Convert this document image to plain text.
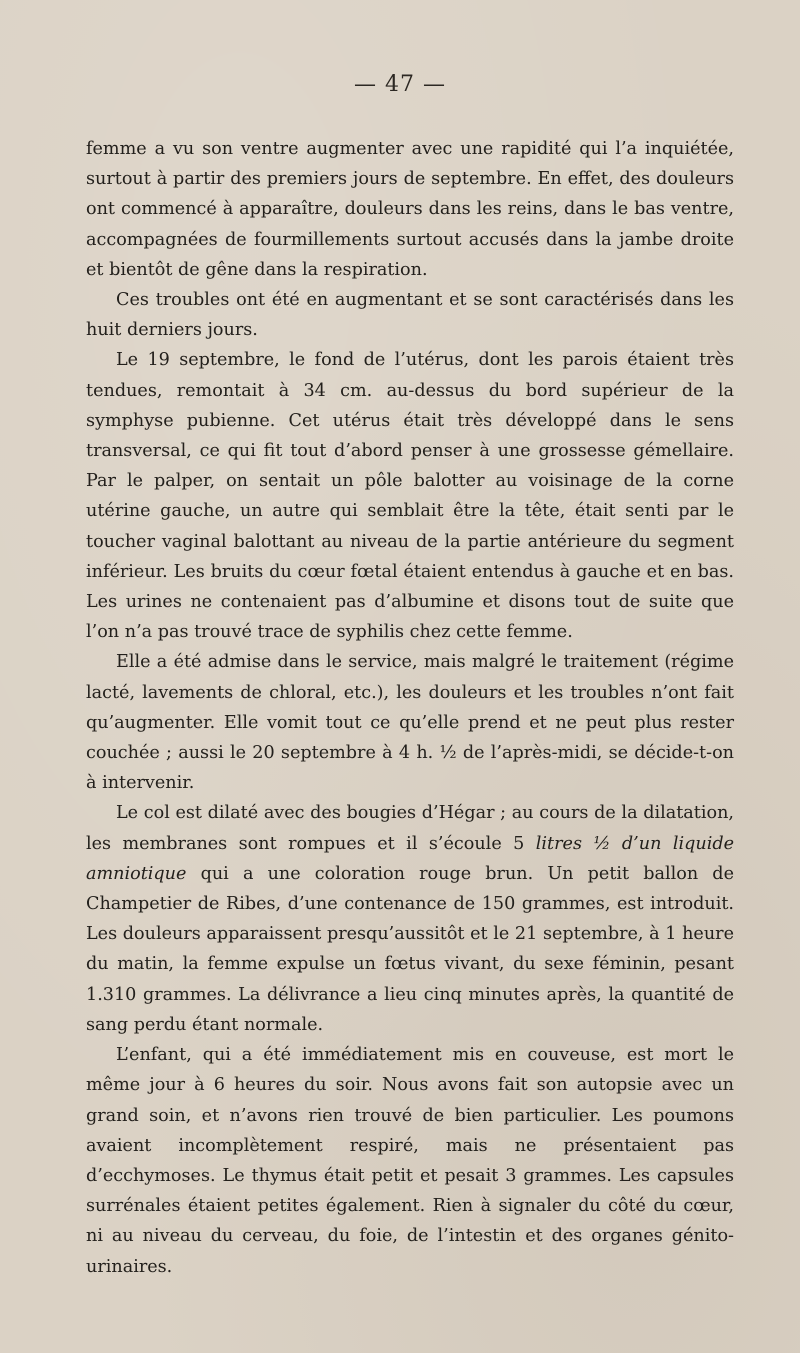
— 47 —

femme a vu son ventre augmenter avec une rapidité qui l’a inquiétée, surtout à partir des premiers jours de septembre. En effet, des douleurs ont commencé à apparaître, douleurs dans les reins, dans le bas ventre, accompagnées de fourmillements surtout accusés dans la jambe droite et bientôt de gêne dans la respiration.

Ces troubles ont été en augmentant et se sont caractérisés dans les huit derniers jours.

Le 19 septembre, le fond de l’utérus, dont les parois étaient très tendues, remontait à 34 cm. au-dessus du bord supérieur de la symphyse pubienne. Cet utérus était très développé dans le sens transversal, ce qui fit tout d’abord penser à une grossesse gémellaire. Par le palper, on sentait un pôle balotter au voisinage de la corne utérine gauche, un autre qui semblait être la tête, était senti par le toucher vaginal balottant au niveau de la partie antérieure du segment inférieur. Les bruits du cœur fœtal étaient entendus à gauche et en bas. Les urines ne contenaient pas d’albumine et disons tout de suite que l’on n’a pas trouvé trace de syphilis chez cette femme.

Elle a été admise dans le service, mais malgré le traitement (régime lacté, lavements de chloral, etc.), les douleurs et les troubles n’ont fait qu’augmenter. Elle vomit tout ce qu’elle prend et ne peut plus rester couchée ; aussi le 20 septembre à 4 h. ½ de l’après-midi, se décide-t-on à intervenir.

Le col est dilaté avec des bougies d’Hégar ; au cours de la dilatation, les membranes sont rompues et il s’écoule 5 litres ½ d’un liquide amniotique qui a une coloration rouge brun. Un petit ballon de Champetier de Ribes, d’une contenance de 150 grammes, est introduit. Les douleurs apparaissent presqu’aussitôt et le 21 septembre, à 1 heure du matin, la femme expulse un fœtus vivant, du sexe féminin, pesant 1.310 grammes. La délivrance a lieu cinq minutes après, la quantité de sang perdu étant normale.

L’enfant, qui a été immédiatement mis en couveuse, est mort le même jour à 6 heures du soir. Nous avons fait son autopsie avec un grand soin, et n’avons rien trouvé de bien particulier. Les poumons avaient incomplètement respiré, mais ne présentaient pas d’ecchymoses. Le thymus était petit et pesait 3 grammes. Les capsules surrénales étaient petites également. Rien à signaler du côté du cœur, ni au niveau du cerveau, du foie, de l’intestin et des organes génito-urinaires.
